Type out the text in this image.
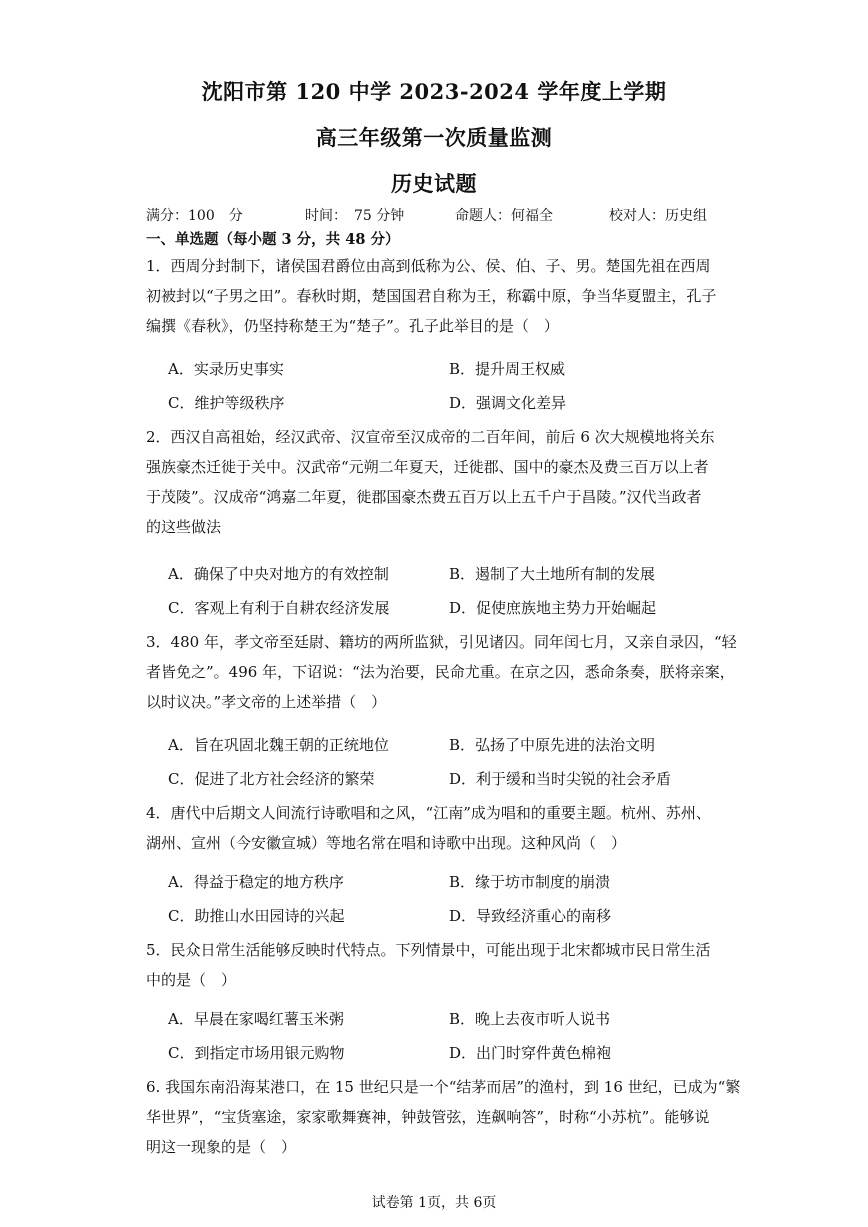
沈阳市第 120 中学 2023-2024 学年度上学期
高三年级第一次质量监测
历史试题
满分：100　分	时间：　75 分钟	命题人：何福全	校对人：历史组
一、单选题（每小题 3 分，共 48 分）
1．西周分封制下，诸侯国君爵位由高到低称为公、侯、伯、子、男。楚国先祖在西周
初被封以“子男之田”。春秋时期，楚国国君自称为王，称霸中原，争当华夏盟主，孔子
编撰《春秋》，仍坚持称楚王为“楚子”。孔子此举目的是（　）
A．实录历史事实	B．提升周王权威
C．维护等级秩序	D．强调文化差异
2．西汉自高祖始，经汉武帝、汉宣帝至汉成帝的二百年间，前后 6 次大规模地将关东
强族豪杰迁徙于关中。汉武帝“元朔二年夏天，迁徙郡、国中的豪杰及费三百万以上者
于茂陵”。汉成帝“鸿嘉二年夏，徙郡国豪杰费五百万以上五千户于昌陵。”汉代当政者
的这些做法
A．确保了中央对地方的有效控制	B．遏制了大土地所有制的发展
C．客观上有利于自耕农经济发展	D．促使庶族地主势力开始崛起
3．480 年，孝文帝至廷尉、籍坊的两所监狱，引见诸囚。同年闰七月，又亲自录囚，“轻
者皆免之”。496 年，下诏说：“法为治要，民命尤重。在京之囚，悉命条奏，朕将亲案，
以时议决。”孝文帝的上述举措（　）
A．旨在巩固北魏王朝的正统地位	B．弘扬了中原先进的法治文明
C．促进了北方社会经济的繁荣	D．利于缓和当时尖锐的社会矛盾
4．唐代中后期文人间流行诗歌唱和之风，“江南”成为唱和的重要主题。杭州、苏州、
湖州、宣州（今安徽宣城）等地名常在唱和诗歌中出现。这种风尚（　）
A．得益于稳定的地方秩序	B．缘于坊市制度的崩溃
C．助推山水田园诗的兴起	D．导致经济重心的南移
5．民众日常生活能够反映时代特点。下列情景中，可能出现于北宋都城市民日常生活
中的是（　）
A．早晨在家喝红薯玉米粥	B．晚上去夜市听人说书
C．到指定市场用银元购物	D．出门时穿件黄色棉袍
6. 我国东南沿海某港口，在 15 世纪只是一个“结茅而居”的渔村，到 16 世纪，已成为“繁
华世界”，“宝货塞途，家家歌舞赛神，钟鼓管弦，连飙响答”，时称“小苏杭”。能够说
明这一现象的是（　）
试卷第 1页，共 6页
